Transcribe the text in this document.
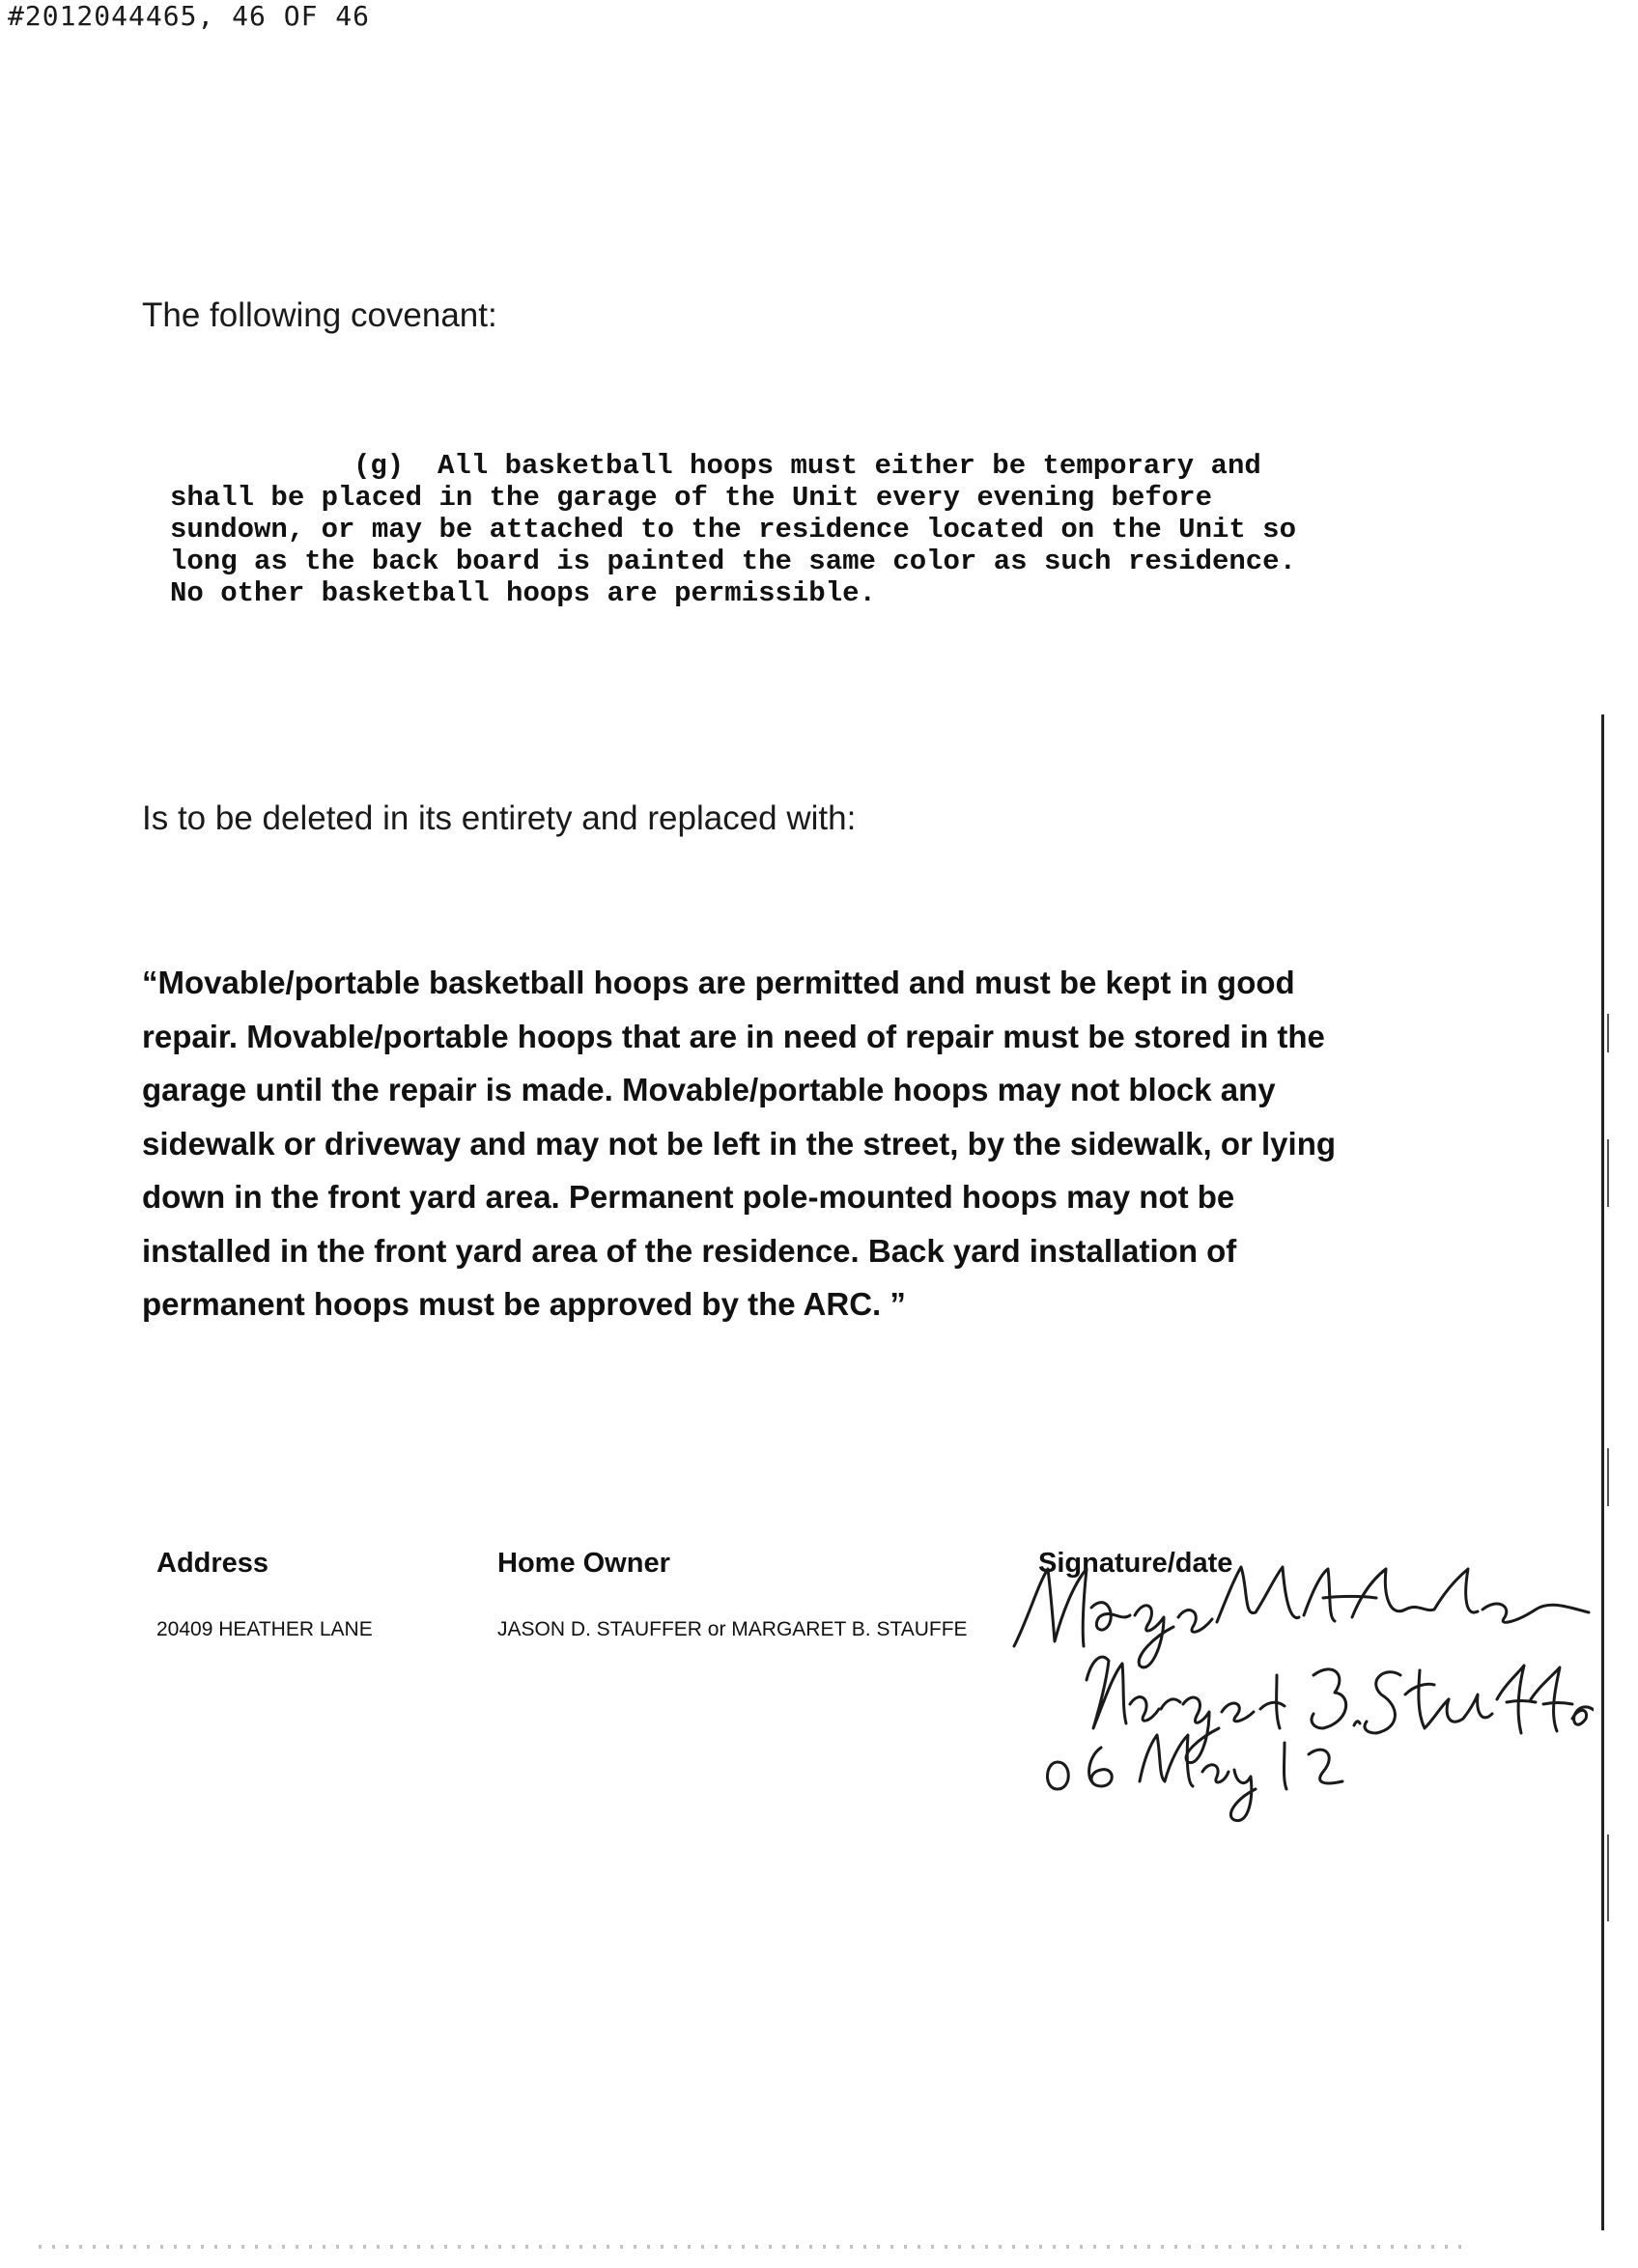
#2012044465, 46 OF 46
The following covenant:
(g)  All basketball hoops must either be temporary and
shall be placed in the garage of the Unit every evening before
sundown, or may be attached to the residence located on the Unit so
long as the back board is painted the same color as such residence.
No other basketball hoops are permissible.
Is to be deleted in its entirety and replaced with:
“Movable/portable basketball hoops are permitted and must be kept in good
repair. Movable/portable hoops that are in need of repair must be stored in the
garage until the repair is made. Movable/portable hoops may not block any
sidewalk or driveway and may not be left in the street, by the sidewalk, or lying
down in the front yard area. Permanent pole-mounted hoops may not be
installed in the front yard area of the residence. Back yard installation of
permanent hoops must be approved by the ARC. ”
Address	Home Owner	Signature/date
20409 HEATHER LANE	JASON D. STAUFFER or MARGARET B. STAUFFE
